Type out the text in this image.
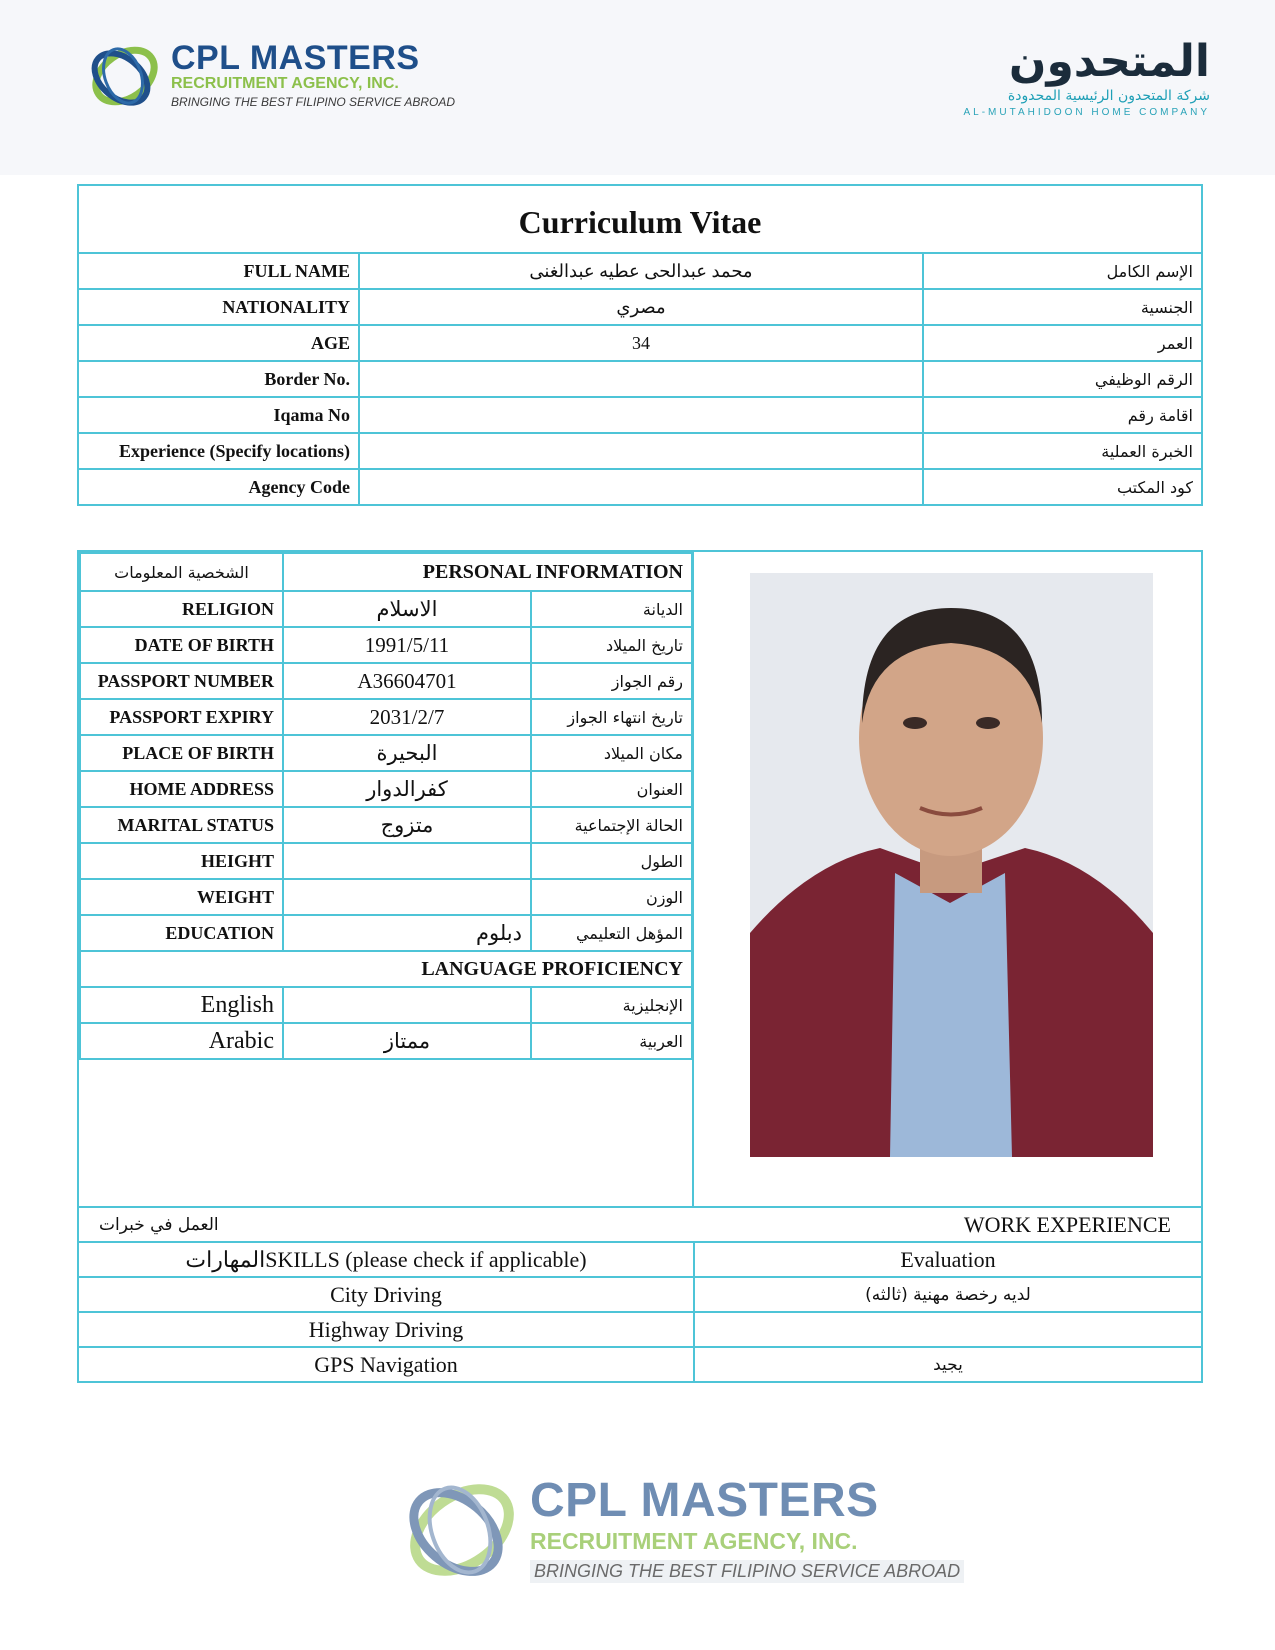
CPL MASTERS
RECRUITMENT AGENCY, INC.
BRINGING THE BEST FILIPINO SERVICE ABROAD
المتحدون
شركة المتحدون الرئيسية المحدودة
AL-MUTAHIDOON HOME COMPANY
Curriculum Vitae		
FULL NAME	محمد عبدالحى عطيه عبدالغنى	الإسم الكامل
NATIONALITY	مصري	الجنسية
AGE	34	العمر
Border No.		الرقم الوظيفي
Iqama No		اقامة رقم
Experience (Specify locations)		الخبرة العملية
Agency Code		كود المكتب
الشخصية المعلومات	PERSONAL INFORMATION	
RELIGION	الاسلام	الديانة
DATE OF BIRTH	1991/5/11	تاريخ الميلاد
PASSPORT NUMBER	A36604701	رقم الجواز
PASSPORT EXPIRY	2031/2/7	تاريخ انتهاء الجواز
PLACE OF BIRTH	البحيرة	مكان الميلاد
HOME ADDRESS	كفرالدوار	العنوان
MARITAL STATUS	متزوج	الحالة الإجتماعية
HEIGHT		الطول
WEIGHT		الوزن
EDUCATION	دبلوم	المؤهل التعليمي
LANGUAGE PROFICIENCY		
English		الإنجليزية
Arabic	ممتاز	العربية
العمل في خبرات	WORK EXPERIENCE
المهاراتSKILLS (please check if applicable)	Evaluation
City Driving	لديه رخصة مهنية (ثالثه)
Highway Driving	
GPS Navigation	يجيد
CPL MASTERS
RECRUITMENT AGENCY, INC.
BRINGING THE BEST FILIPINO SERVICE ABROAD
